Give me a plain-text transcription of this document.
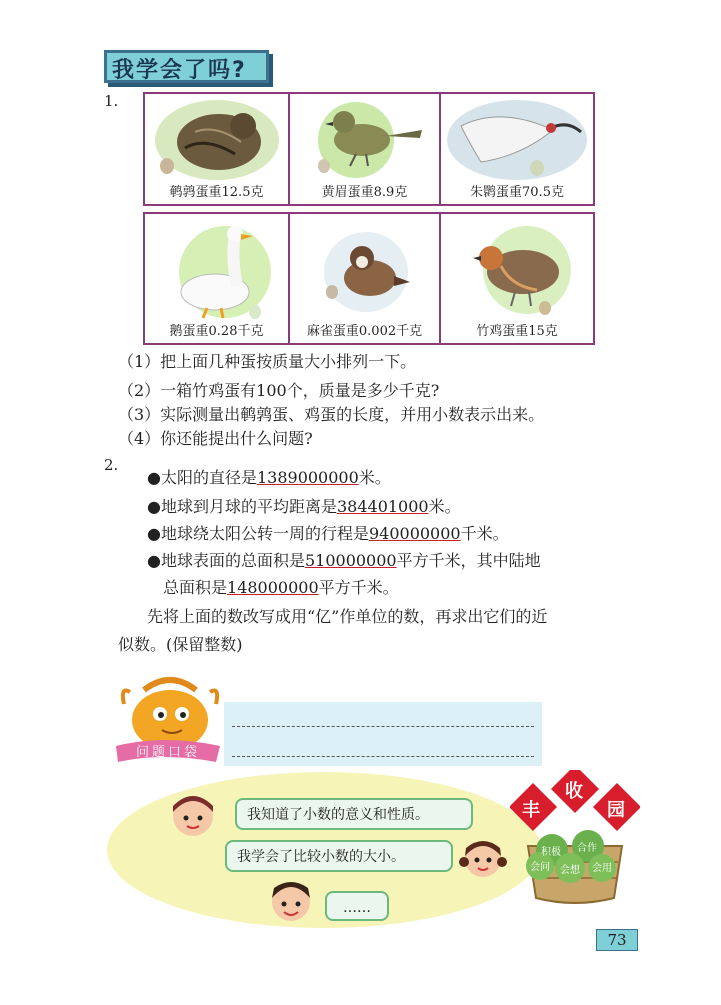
我学会了吗?
1.
鹌鹑蛋重12.5克	黄眉蛋重8.9克	朱鹮蛋重70.5克
鹅蛋重0.28千克	麻雀蛋重0.002千克	竹鸡蛋重15克
（1）把上面几种蛋按质量大小排列一下。
（2）一箱竹鸡蛋有100个，质量是多少千克?
（3）实际测量出鹌鹑蛋、鸡蛋的长度，并用小数表示出来。
（4）你还能提出什么问题?
2.
●太阳的直径是1389000000米。
●地球到月球的平均距离是384401000米。
●地球绕太阳公转一周的行程是940000000千米。
●地球表面的总面积是510000000平方千米，其中陆地
总面积是148000000平方千米。
先将上面的数改写成用“亿”作单位的数，再求出它们的近
似数。(保留整数)
问题口袋
我知道了小数的意义和性质。
我学会了比较小数的大小。
……
丰
收
园
积极 合作
会问 会想 会用
73
